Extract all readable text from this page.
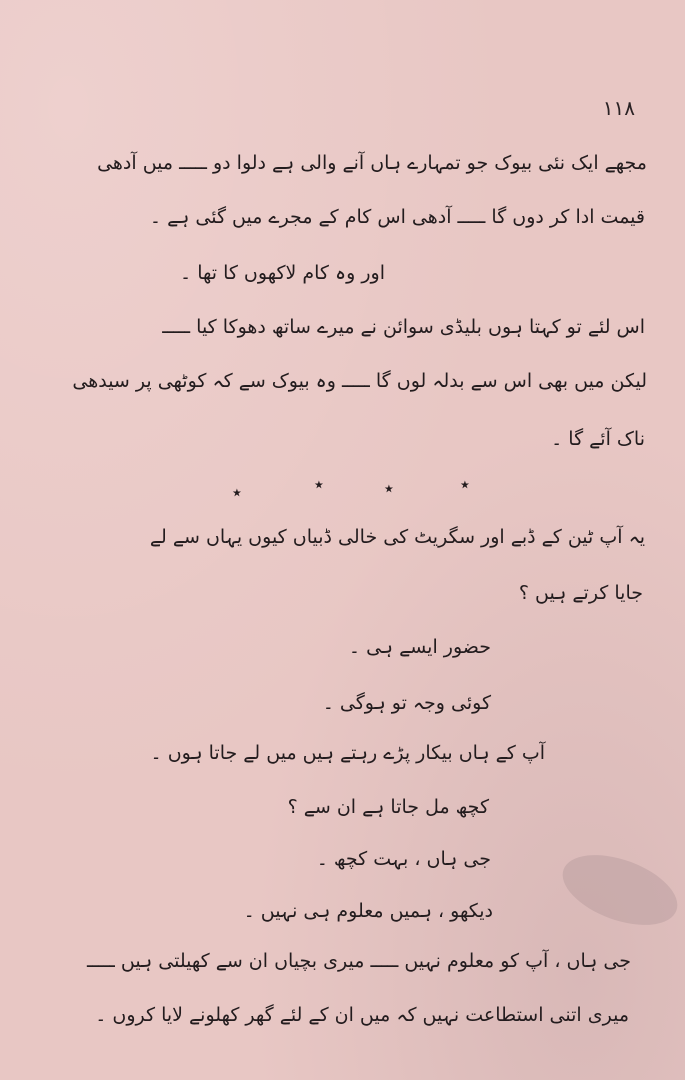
۱۱۸
مجھے ایک نئی بیوک جو تمہارے ہاں آنے والی ہے دلوا دو ـــــ میں آدھی
قیمت ادا کر دوں گا ـــــ آدھی اس کام کے مجرے میں گئی ہے ۔
اور وہ کام لاکھوں کا تھا ۔
اس لئے تو کہتا ہوں بلیڈی سوائن نے میرے ساتھ دھوکا کیا ـــــ
لیکن میں بھی اس سے بدلہ لوں گا ـــــ وہ بیوک سے کہ کوٹھی پر سیدھی
ناک آئے گا ۔
٭	٭	٭	٭
یہ آپ ٹین کے ڈبے اور سگریٹ کی خالی ڈبیاں کیوں یہاں سے لے
جایا کرتے ہیں ؟
حضور ایسے ہی ۔
کوئی وجہ تو ہوگی ۔
آپ کے ہاں بیکار پڑے رہتے ہیں میں لے جاتا ہوں ۔
کچھ مل جاتا ہے ان سے ؟
جی ہاں ، بہت کچھ ۔
دیکھو ، ہمیں معلوم ہی نہیں ۔
جی ہاں ، آپ کو معلوم نہیں ـــــ میری بچیاں ان سے کھیلتی ہیں ـــــ
میری اتنی استطاعت نہیں کہ میں ان کے لئے گھر کھلونے لایا کروں ۔
